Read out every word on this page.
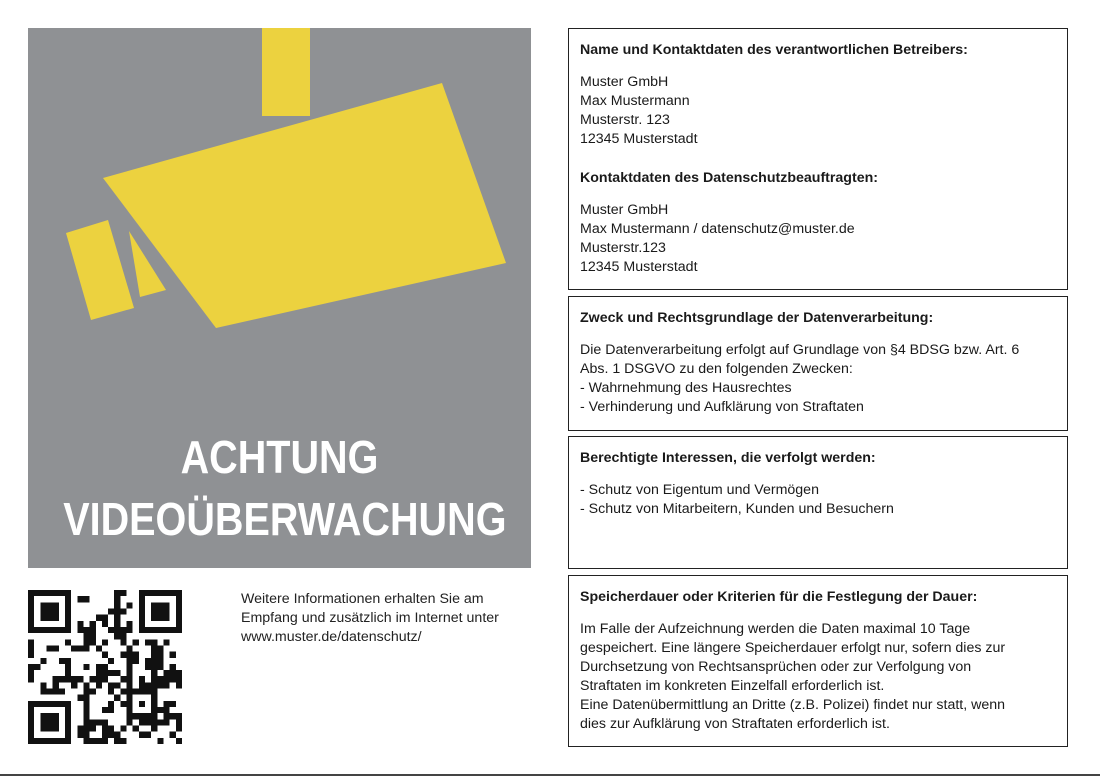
ACHTUNG
VIDEOÜBERWACHUNG
Weitere Informationen erhalten Sie am
Empfang und zusätzlich im Internet unter
www.muster.de/datenschutz/
Name und Kontaktdaten des verantwortlichen Betreibers:
Muster GmbH
Max Mustermann
Musterstr. 123
12345 Musterstadt
Kontaktdaten des Datenschutzbeauftragten:
Muster GmbH
Max Mustermann / datenschutz@muster.de
Musterstr.123
12345 Musterstadt
Zweck und Rechtsgrundlage der Datenverarbeitung:
Die Datenverarbeitung erfolgt auf Grundlage von §4 BDSG bzw. Art. 6
Abs. 1 DSGVO zu den folgenden Zwecken:
- Wahrnehmung des Hausrechtes
- Verhinderung und Aufklärung von Straftaten
Berechtigte Interessen, die verfolgt werden:
- Schutz von Eigentum und Vermögen
- Schutz von Mitarbeitern, Kunden und Besuchern
Speicherdauer oder Kriterien für die Festlegung der Dauer:
Im Falle der Aufzeichnung werden die Daten maximal 10 Tage
gespeichert. Eine längere Speicherdauer erfolgt nur, sofern dies zur
Durchsetzung von Rechtsansprüchen oder zur Verfolgung von
Straftaten im konkreten Einzelfall erforderlich ist.
Eine Datenübermittlung an Dritte (z.B. Polizei) findet nur statt, wenn
dies zur Aufklärung von Straftaten erforderlich ist.
